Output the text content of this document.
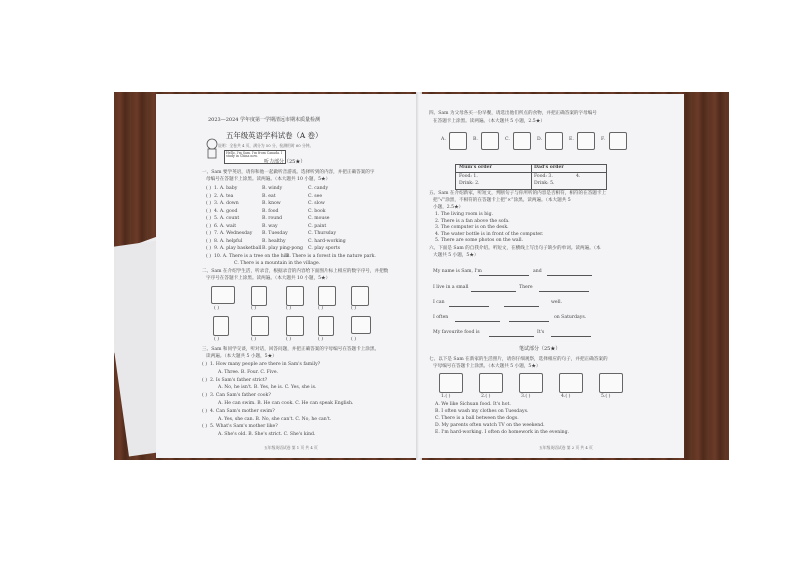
2023—2024 学年度第一学期清远市期末质量检测
五年级英语学科试卷（A 卷）
说明：全卷共 4 页，满分为 50 分，检测用时 60 分钟。
Hello, I'm Sam. I'm from Canada. I study in China now.
听力部分（25★）
一、Sam 要学英语，请你和他一起做听音游戏。选择听到的内容，并把正确答案的字
母编号在答题卡上涂黑。读两遍。（本大题共 10 小题，5★）
二、Sam 在介绍学生活，听录音，根据录音的内容给下面图片标上相应的数字序号，并把数
字序号在答题卡上涂黑。读两遍。（本大题共 10 小题，5★）
( )	( )	( )	( )	( )
( )	( )	( )	( )	( )
三、Sam 和同学交谈，听对话，回答问题，并把正确答案的字母编号在答题卡上涂黑。
读两遍。（本大题共 5 小题，5★）
五年级英语试卷 第 1 页 共 4 页
( ) 1. A. baby	B. windy	C. candy
( ) 2. A. tea	B. eat	C. see
( ) 3. A. down	B. know	C. slow
( ) 4. A. good	B. food	C. book
( ) 5. A. count	B. round	C. mouse
( ) 6. A. wait	B. way	C. paint
( ) 7. A. Wednesday B. Tuesday	C. Thursday
( ) 8. A. helpful	B. healthy	C. hard-working
( ) 9. A. play basketball B. play ping-pong C. play sports
( ) 10. A. There is a tree on the hill.
B. There is a forest in the nature park.
C. There is a mountain in the village.
( ) 1. How many people are there in Sam's family?
A. Three. B. Four. C. Five.
( ) 2. Is Sam's father strict?
A. No, he isn't. B. Yes, he is. C. Yes, she is.
( ) 3. Can Sam's father cook?
A. He can swim. B. He can cook. C. He can speak English.
( ) 4. Can Sam's mother swim?
A. Yes, she can. B. No, she can't. C. No, he can't.
( ) 5. What's Sam's mother like?
A. She's old. B. She's strict. C. She's kind.
四、Sam 为父母各买一份早餐，请选出他们所点的食物，并把正确答案的字母编号
在答题卡上涂黑。读两遍。（本大题共 5 小题，2.5★）
Mum's order	Dad's order
Food: 1.	Food: 3.	4.
Drink: 2.	Drink: 5.
五、Sam 在介绍新家，听短文，判断句子与你所听的内容是否相符，相符的在答题卡上
把“√”涂黑，不相符的在答题卡上把“×”涂黑。读两遍。（本大题共 5
小题，2.5★）
六、下面是 Sam 的自我介绍。听短文，在横线上写出句子缺少的单词。读两遍。（本
大题共 5 小题，5★）
My name is Sam, I'm	and
I live in a small	There
I can	well.
I often	on Saturdays.
My favourite food is	It's
笔试部分（25★）
七、以下是 Sam 在新家的生活照片，请你仔细观察，选择相应的句子，并把正确答案的
字母编号在答题卡上涂黑。（本大题共 5 小题，5★）
五年级英语试卷 第 2 页 共 4 页
A.	B.	C.	D.	E.	F.
1. The living room is big.
2. There is a fan above the sofa.
3. The computer is on the desk.
4. The water bottle is in front of the computer.
5. There are some photos on the wall.
1.( )	2.( )	3.( )	4.( )	5.( )
A. We like Sichuan food. It's hot.
B. I often wash my clothes on Tuesdays.
C. There is a ball between the dogs.
D. My parents often watch TV on the weekend.
E. I'm hard-working. I often do homework in the evening.
